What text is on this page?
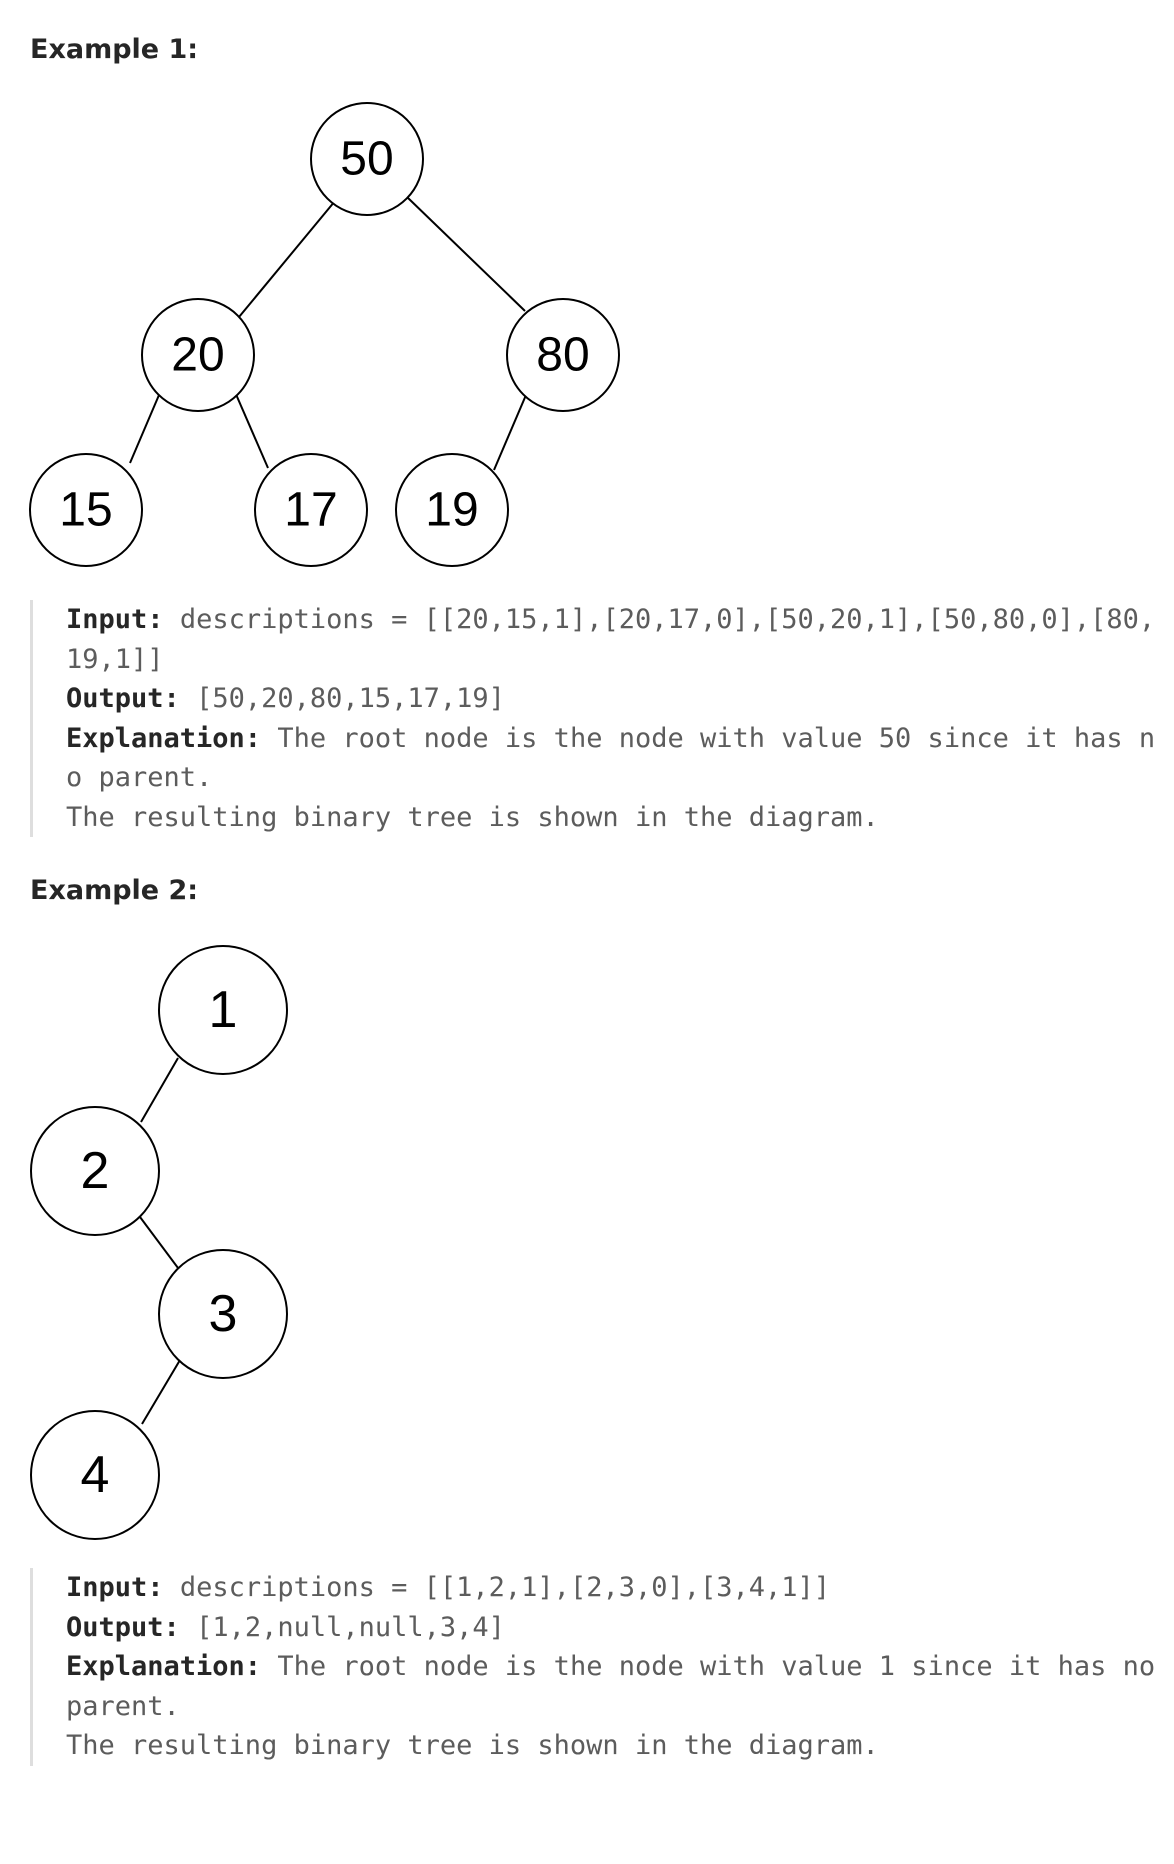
Example 1:
50
20	80
15	17 19
Input: descriptions = [[20,15,1],[20,17,0],[50,20,1],[50,80,0],[80,19,1]]
Output: [50,20,80,15,17,19]
Explanation: The root node is the node with value 50 since it has no parent.
The resulting binary tree is shown in the diagram.
Example 2:
1
2
3
4
Input: descriptions = [[1,2,1],[2,3,0],[3,4,1]]
Output: [1,2,null,null,3,4]
Explanation: The root node is the node with value 1 since it has no parent.
The resulting binary tree is shown in the diagram.
